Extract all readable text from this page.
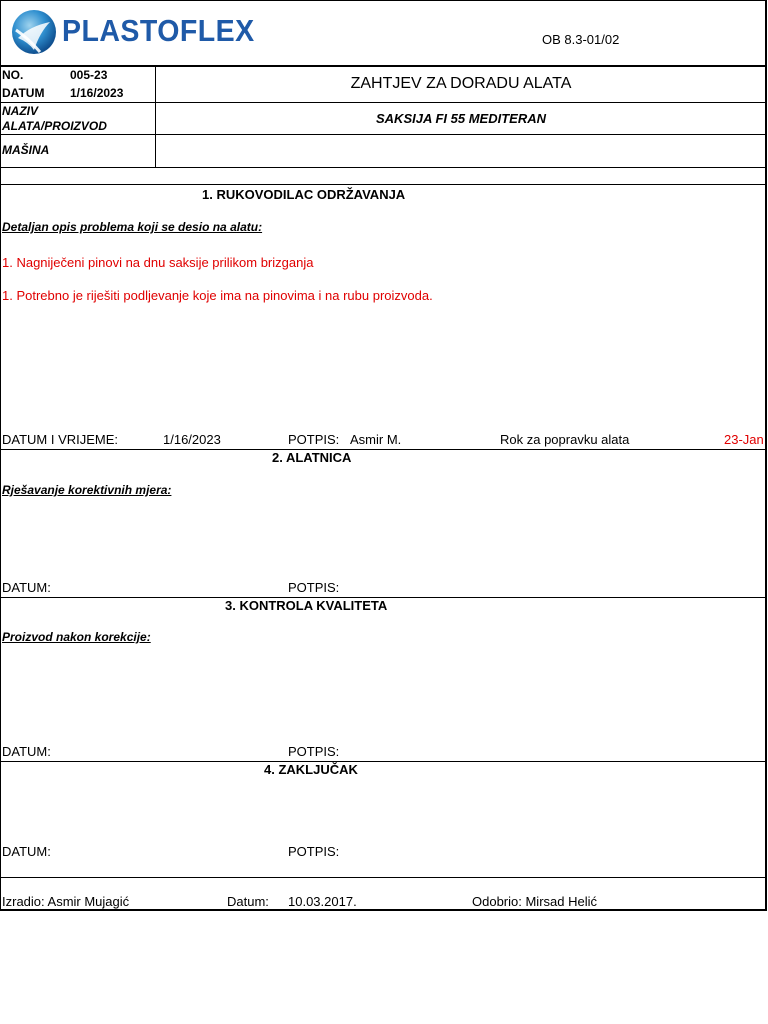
PLASTOFLEX	OB 8.3-01/02
NO.	005-23
DATUM 1/16/2023
ZAHTJEV ZA DORADU ALATA
NAZIV
ALATA/PROIZVOD	SAKSIJA FI 55 MEDITERAN
MAŠINA
1. RUKOVODILAC ODRŽAVANJA
Detaljan opis problema koji se desio na alatu:
1. Nagniječeni pinovi na dnu saksije prilikom brizganja
1. Potrebno je riješiti podljevanje koje ima na pinovima i na rubu proizvoda.
DATUM I VRIJEME:	1/16/2023	POTPIS: Asmir M.	Rok za popravku alata	23-Jan
2. ALATNICA
Rješavanje korektivnih mjera:
DATUM:	POTPIS:
3. KONTROLA KVALITETA
Proizvod nakon korekcije:
DATUM:	POTPIS:
4. ZAKLJUČAK
DATUM:	POTPIS:
Izradio: Asmir Mujagić	Datum: 10.03.2017.	Odobrio: Mirsad Helić
